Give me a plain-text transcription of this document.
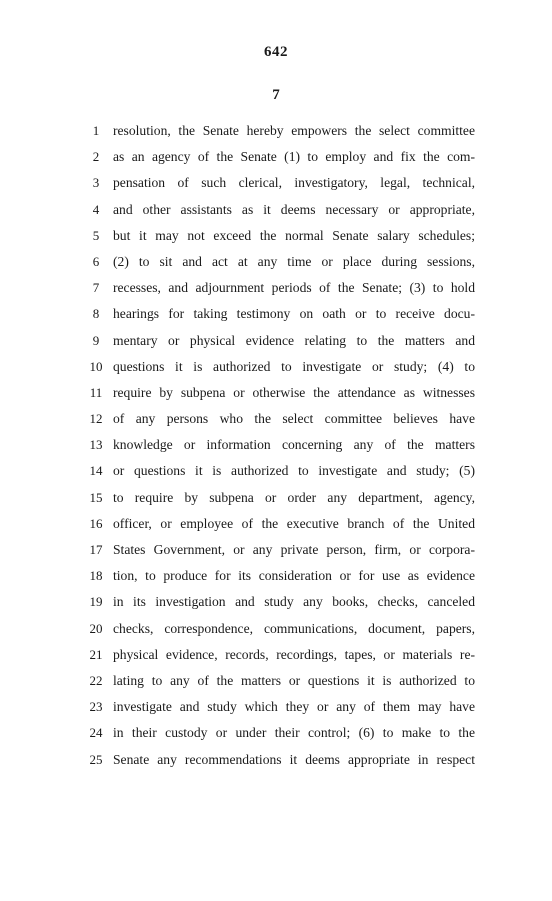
642
7
1	resolution, the Senate hereby empowers the select committee
2	as an agency of the Senate (1) to employ and fix the com-
3	pensation of such clerical, investigatory, legal, technical,
4	and other assistants as it deems necessary or appropriate,
5	but it may not exceed the normal Senate salary schedules;
6	(2) to sit and act at any time or place during sessions,
7	recesses, and adjournment periods of the Senate; (3) to hold
8	hearings for taking testimony on oath or to receive docu-
9	mentary or physical evidence relating to the matters and
10 questions it is authorized to investigate or study; (4) to
11 require by subpena or otherwise the attendance as witnesses
12 of any persons who the select committee believes have
13 knowledge or information concerning any of the matters
14 or questions it is authorized to investigate and study; (5)
15 to require by subpena or order any department, agency,
16 officer, or employee of the executive branch of the United
17 States Government, or any private person, firm, or corpora-
18 tion, to produce for its consideration or for use as evidence
19 in its investigation and study any books, checks, canceled
20 checks, correspondence, communications, document, papers,
21 physical evidence, records, recordings, tapes, or materials re-
22 lating to any of the matters or questions it is authorized to
23 investigate and study which they or any of them may have
24 in their custody or under their control; (6) to make to the
25 Senate any recommendations it deems appropriate in respect
